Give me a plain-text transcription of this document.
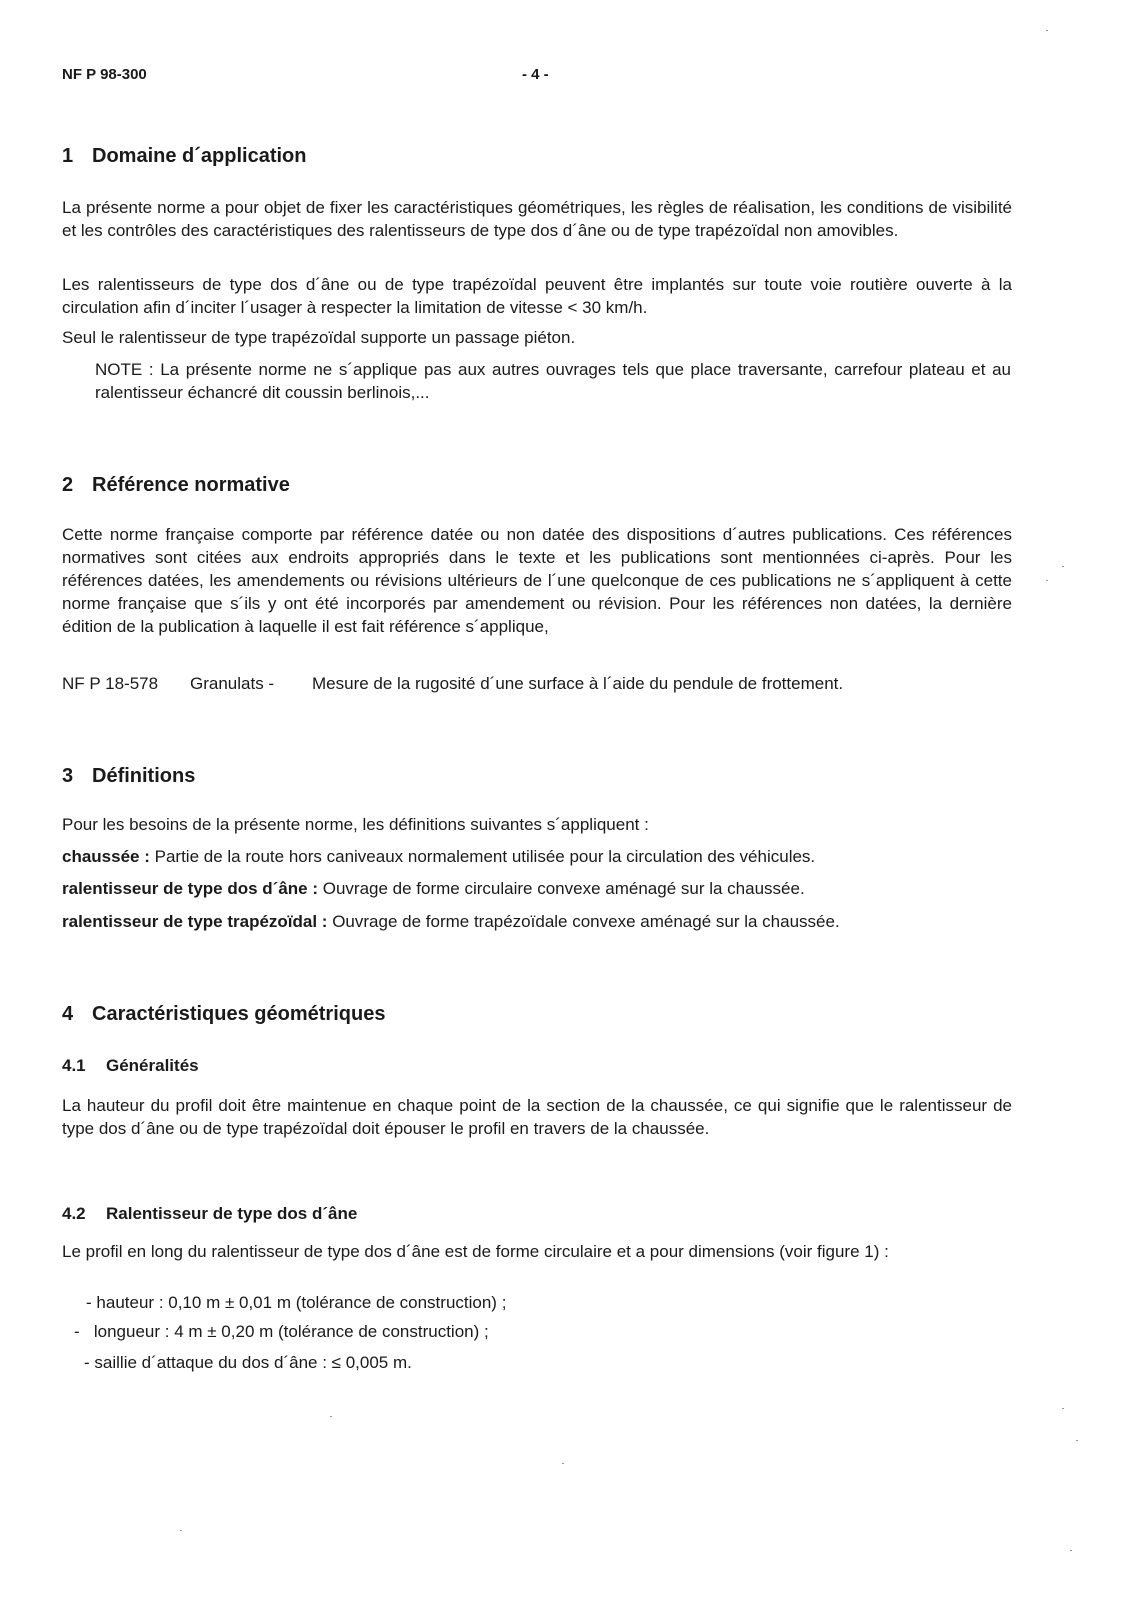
NF P 98-300	- 4 -
1 Domaine d´application

La présente norme a pour objet de fixer les caractéristiques géométriques, les règles de réalisation, les conditions de visibilité et les contrôles des caractéristiques des ralentisseurs de type dos d´âne ou de type trapézoïdal non amovibles.

Les ralentisseurs de type dos d´âne ou de type trapézoïdal peuvent être implantés sur toute voie routière ouverte à la circulation afin d´inciter l´usager à respecter la limitation de vitesse < 30 km/h.

Seul le ralentisseur de type trapézoïdal supporte un passage piéton.

NOTE : La présente norme ne s´applique pas aux autres ouvrages tels que place traversante, carrefour plateau et au ralentisseur échancré dit coussin berlinois,...

2 Référence normative

Cette norme française comporte par référence datée ou non datée des dispositions d´autres publications. Ces références normatives sont citées aux endroits appropriés dans le texte et les publications sont mentionnées ci-après. Pour les références datées, les amendements ou révisions ultérieurs de l´une quelconque de ces publications ne s´appliquent à cette norme française que s´ils y ont été incorporés par amendement ou révision. Pour les références non datées, la dernière édition de la publication à laquelle il est fait référence s´applique,

NF P 18-578 Granulats - Mesure de la rugosité d´une surface à l´aide du pendule de frottement.

3 Définitions

Pour les besoins de la présente norme, les définitions suivantes s´appliquent :

chaussée : Partie de la route hors caniveaux normalement utilisée pour la circulation des véhicules.

ralentisseur de type dos d´âne : Ouvrage de forme circulaire convexe aménagé sur la chaussée.

ralentisseur de type trapézoïdal : Ouvrage de forme trapézoïdale convexe aménagé sur la chaussée.

4 Caractéristiques géométriques
4.1 Généralités

La hauteur du profil doit être maintenue en chaque point de la section de la chaussée, ce qui signifie que le ralentisseur de type dos d´âne ou de type trapézoïdal doit épouser le profil en travers de la chaussée.

4.2 Ralentisseur de type dos d´âne

Le profil en long du ralentisseur de type dos d´âne est de forme circulaire et a pour dimensions (voir figure 1) :

- hauteur : 0,10 m ± 0,01 m (tolérance de construction) ;

- longueur : 4 m ± 0,20 m (tolérance de construction) ;

- saillie d´attaque du dos d´âne : ≤ 0,005 m.
